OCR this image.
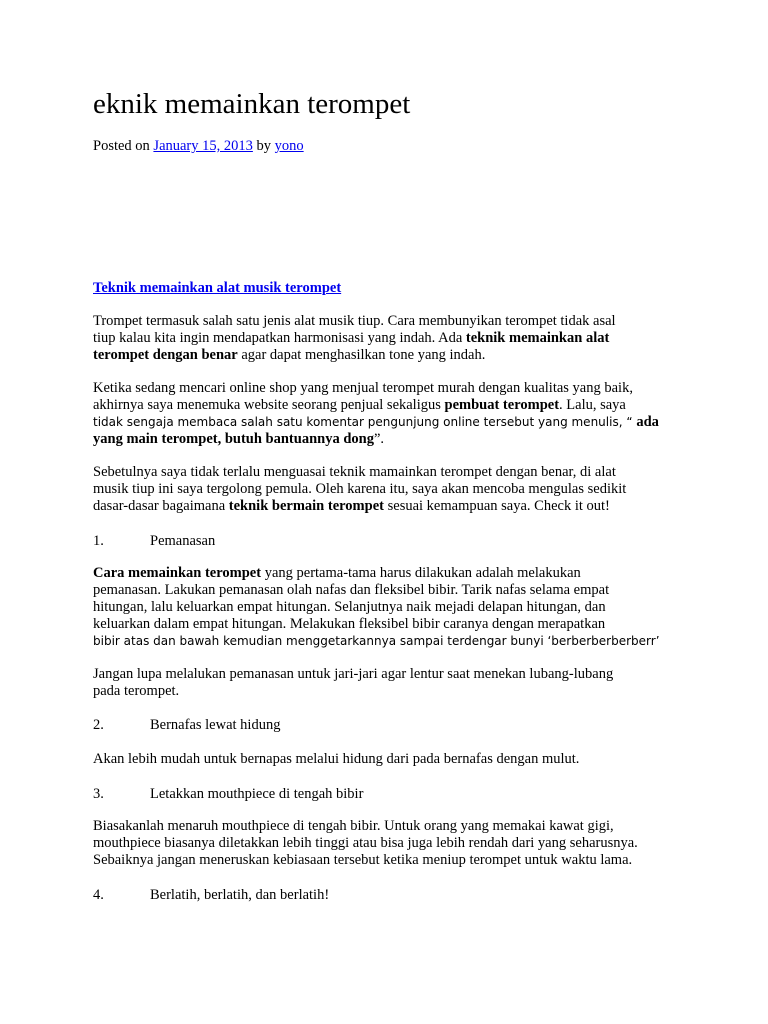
eknik memainkan terompet
Posted on January 15, 2013 by yono
Teknik memainkan alat musik terompet
Trompet termasuk salah satu jenis alat musik tiup. Cara membunyikan terompet tidak asal
tiup kalau kita ingin mendapatkan harmonisasi yang indah. Ada teknik memainkan alat
terompet dengan benar agar dapat menghasilkan tone yang indah.
Ketika sedang mencari online shop yang menjual terompet murah dengan kualitas yang baik,
akhirnya saya menemuka website seorang penjual sekaligus pembuat terompet. Lalu, saya
tidak sengaja membaca salah satu komentar pengunjung online tersebut yang menulis, “ ada
yang main terompet, butuh bantuannya dong”.
Sebetulnya saya tidak terlalu menguasai teknik mamainkan terompet dengan benar, di alat
musik tiup ini saya tergolong pemula. Oleh karena itu, saya akan mencoba mengulas sedikit
dasar-dasar bagaimana teknik bermain terompet sesuai kemampuan saya. Check it out!
1.	Pemanasan
Cara memainkan terompet yang pertama-tama harus dilakukan adalah melakukan
pemanasan. Lakukan pemanasan olah nafas dan fleksibel bibir. Tarik nafas selama empat
hitungan, lalu keluarkan empat hitungan. Selanjutnya naik mejadi delapan hitungan, dan
keluarkan dalam empat hitungan. Melakukan fleksibel bibir caranya dengan merapatkan
bibir atas dan bawah kemudian menggetarkannya sampai terdengar bunyi ‘berberberberberr’
Jangan lupa melalukan pemanasan untuk jari-jari agar lentur saat menekan lubang-lubang
pada terompet.
2.	Bernafas lewat hidung
Akan lebih mudah untuk bernapas melalui hidung dari pada bernafas dengan mulut.
3.	Letakkan mouthpiece di tengah bibir
Biasakanlah menaruh mouthpiece di tengah bibir. Untuk orang yang memakai kawat gigi,
mouthpiece biasanya diletakkan lebih tinggi atau bisa juga lebih rendah dari yang seharusnya.
Sebaiknya jangan meneruskan kebiasaan tersebut ketika meniup terompet untuk waktu lama.
4.	Berlatih, berlatih, dan berlatih!
